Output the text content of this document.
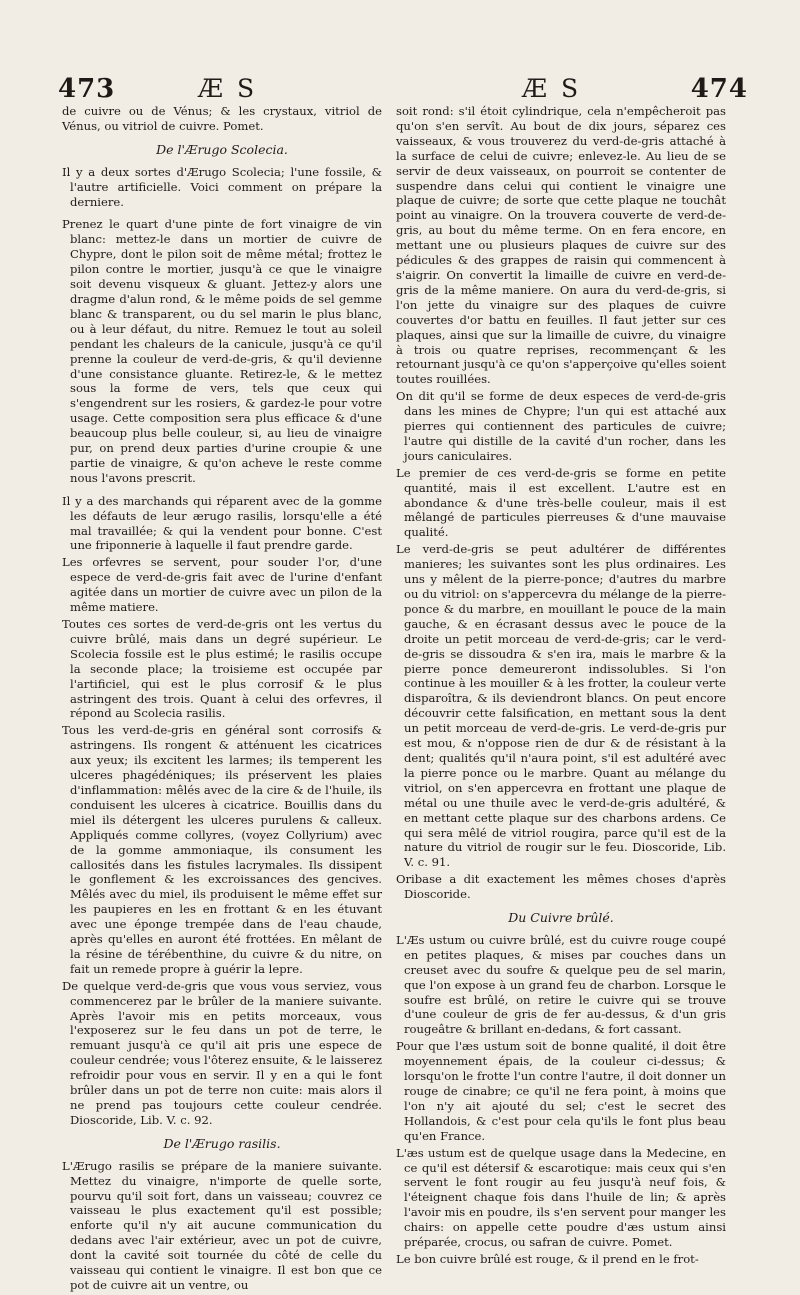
473	Æ S	Æ S	474

de cuivre ou de Vénus; & les crystaux, vitriol de Vénus, ou vitriol de cuivre. Pomet.

De l'Ærugo Scolecia.

Il y a deux sortes d'Ærugo Scolecia; l'une fossile, & l'autre artificielle. Voici comment on prépare la derniere.

Prenez le quart d'une pinte de fort vinaigre de vin blanc: mettez-le dans un mortier de cuivre de Chypre, dont le pilon soit de même métal; frottez le pilon contre le mortier, jusqu'à ce que le vinaigre soit devenu visqueux & gluant. Jettez-y alors une dragme d'alun rond, & le même poids de sel gemme blanc & transparent, ou du sel marin le plus blanc, ou à leur défaut, du nitre. Remuez le tout au soleil pendant les chaleurs de la canicule, jusqu'à ce qu'il prenne la couleur de verd-de-gris, & qu'il devienne d'une consistance gluante. Retirez-le, & le mettez sous la forme de vers, tels que ceux qui s'engendrent sur les rosiers, & gardez-le pour votre usage. Cette composition sera plus efficace & d'une beaucoup plus belle couleur, si, au lieu de vinaigre pur, on prend deux parties d'urine croupie & une partie de vinaigre, & qu'on acheve le reste comme nous l'avons prescrit.

Il y a des marchands qui réparent avec de la gomme les défauts de leur ærugo rasilis, lorsqu'elle a été mal travaillée; & qui la vendent pour bonne. C'est une friponnerie à laquelle il faut prendre garde.

Les orfevres se servent, pour souder l'or, d'une espece de verd-de-gris fait avec de l'urine d'enfant agitée dans un mortier de cuivre avec un pilon de la même matiere.

Toutes ces sortes de verd-de-gris ont les vertus du cuivre brûlé, mais dans un degré supérieur. Le Scolecia fossile est le plus estimé; le rasilis occupe la seconde place; la troisieme est occupée par l'artificiel, qui est le plus corrosif & le plus astringent des trois. Quant à celui des orfevres, il répond au Scolecia rasilis.

Tous les verd-de-gris en général sont corrosifs & astringens. Ils rongent & atténuent les cicatrices aux yeux; ils excitent les larmes; ils temperent les ulceres phagédéniques; ils préservent les plaies d'inflammation: mêlés avec de la cire & de l'huile, ils conduisent les ulceres à cicatrice. Bouillis dans du miel ils détergent les ulceres purulens & calleux. Appliqués comme collyres, (voyez Collyrium) avec de la gomme ammoniaque, ils consument les callosités dans les fistules lacrymales. Ils dissipent le gonflement & les excroissances des gencives. Mêlés avec du miel, ils produisent le même effet sur les paupieres en les en frottant & en les étuvant avec une éponge trempée dans de l'eau chaude, après qu'elles en auront été frottées. En mêlant de la résine de térébenthine, du cuivre & du nitre, on fait un remede propre à guérir la lepre.

De quelque verd-de-gris que vous vous serviez, vous commencerez par le brûler de la maniere suivante. Après l'avoir mis en petits morceaux, vous l'exposerez sur le feu dans un pot de terre, le remuant jusqu'à ce qu'il ait pris une espece de couleur cendrée; vous l'ôterez ensuite, & le laisserez refroidir pour vous en servir. Il y en a qui le font brûler dans un pot de terre non cuite: mais alors il ne prend pas toujours cette couleur cendrée. Dioscoride, Lib. V. c. 92.

De l'Ærugo rasilis.

L'Ærugo rasilis se prépare de la maniere suivante. Mettez du vinaigre, n'importe de quelle sorte, pourvu qu'il soit fort, dans un vaisseau; couvrez ce vaisseau le plus exactement qu'il est possible; enforte qu'il n'y ait aucune communication du dedans avec l'air extérieur, avec un pot de cuivre, dont la cavité soit tournée du côté de celle du vaisseau qui contient le vinaigre. Il est bon que ce pot de cuivre ait un ventre, ou

soit rond: s'il étoit cylindrique, cela n'empêcheroit pas qu'on s'en servît. Au bout de dix jours, séparez ces vaisseaux, & vous trouverez du verd-de-gris attaché à la surface de celui de cuivre; enlevez-le. Au lieu de se servir de deux vaisseaux, on pourroit se contenter de suspendre dans celui qui contient le vinaigre une plaque de cuivre; de sorte que cette plaque ne touchât point au vinaigre. On la trouvera couverte de verd-de-gris, au bout du même terme. On en fera encore, en mettant une ou plusieurs plaques de cuivre sur des pédicules & des grappes de raisin qui commencent à s'aigrir. On convertit la limaille de cuivre en verd-de-gris de la même maniere. On aura du verd-de-gris, si l'on jette du vinaigre sur des plaques de cuivre couvertes d'or battu en feuilles. Il faut jetter sur ces plaques, ainsi que sur la limaille de cuivre, du vinaigre à trois ou quatre reprises, recommençant & les retournant jusqu'à ce qu'on s'apperçoive qu'elles soient toutes rouillées.

On dit qu'il se forme de deux especes de verd-de-gris dans les mines de Chypre; l'un qui est attaché aux pierres qui contiennent des particules de cuivre; l'autre qui distille de la cavité d'un rocher, dans les jours caniculaires.

Le premier de ces verd-de-gris se forme en petite quantité, mais il est excellent. L'autre est en abondance & d'une très-belle couleur, mais il est mêlangé de particules pierreuses & d'une mauvaise qualité.

Le verd-de-gris se peut adultérer de différentes manieres; les suivantes sont les plus ordinaires. Les uns y mêlent de la pierre-ponce; d'autres du marbre ou du vitriol: on s'appercevra du mélange de la pierre-ponce & du marbre, en mouillant le pouce de la main gauche, & en écrasant dessus avec le pouce de la droite un petit morceau de verd-de-gris; car le verd-de-gris se dissoudra & s'en ira, mais le marbre & la pierre ponce demeureront indissolubles. Si l'on continue à les mouiller & à les frotter, la couleur verte disparoîtra, & ils deviendront blancs. On peut encore découvrir cette falsification, en mettant sous la dent un petit morceau de verd-de-gris. Le verd-de-gris pur est mou, & n'oppose rien de dur & de résistant à la dent; qualités qu'il n'aura point, s'il est adultéré avec la pierre ponce ou le marbre. Quant au mélange du vitriol, on s'en appercevra en frottant une plaque de métal ou une thuile avec le verd-de-gris adultéré, & en mettant cette plaque sur des charbons ardens. Ce qui sera mêlé de vitriol rougira, parce qu'il est de la nature du vitriol de rougir sur le feu. Dioscoride, Lib. V. c. 91.

Oribase a dit exactement les mêmes choses d'après Dioscoride.

Du Cuivre brûlé.

L'Æs ustum ou cuivre brûlé, est du cuivre rouge coupé en petites plaques, & mises par couches dans un creuset avec du soufre & quelque peu de sel marin, que l'on expose à un grand feu de charbon. Lorsque le soufre est brûlé, on retire le cuivre qui se trouve d'une couleur de gris de fer au-dessus, & d'un gris rougeâtre & brillant en-dedans, & fort cassant.

Pour que l'æs ustum soit de bonne qualité, il doit être moyennement épais, de la couleur ci-dessus; & lorsqu'on le frotte l'un contre l'autre, il doit donner un rouge de cinabre; ce qu'il ne fera point, à moins que l'on n'y ait ajouté du sel; c'est le secret des Hollandois, & c'est pour cela qu'ils le font plus beau qu'en France.

L'æs ustum est de quelque usage dans la Medecine, en ce qu'il est détersif & escarotique: mais ceux qui s'en servent le font rougir au feu jusqu'à neuf fois, & l'éteignent chaque fois dans l'huile de lin; & après l'avoir mis en poudre, ils s'en servent pour manger les chairs: on appelle cette poudre d'æs ustum ainsi préparée, crocus, ou safran de cuivre. Pomet.

Le bon cuivre brûlé est rouge, & il prend en le frot-
